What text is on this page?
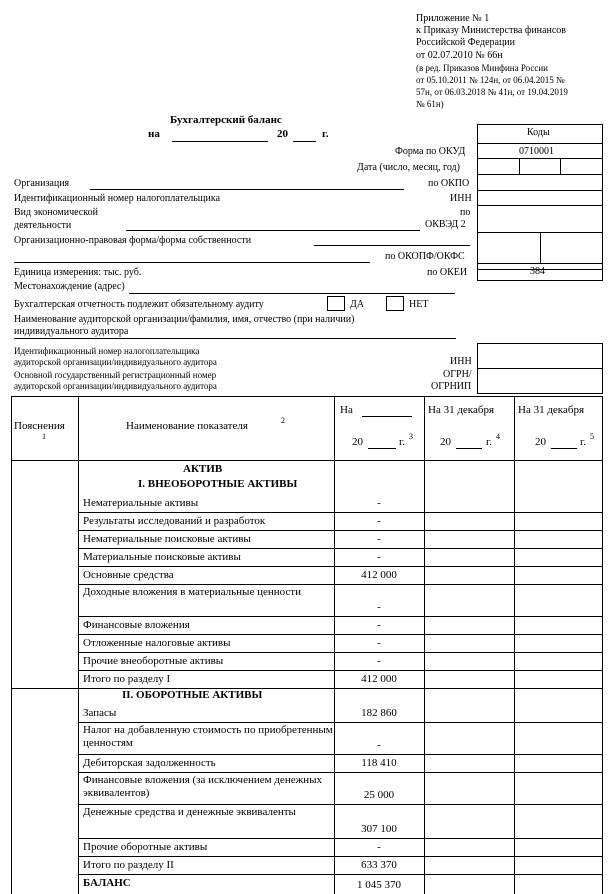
Приложение № 1
к Приказу Министерства финансов
Российской Федерации
от 02.07.2010 № 66н
(в ред. Приказов Минфина России
от 05.10.2011 № 124н, от 06.04.2015 №
57н, от 06.03.2018 № 41н, от 19.04.2019
№ 61н)
Бухгалтерский баланс
на	20	г.	Коды
Форма по ОКУД	0710001
Дата (число, месяц, год)
по ОКПО
ИНН
по
ОКВЭД 2
по ОКОПФ/ОКФС
по ОКЕИ	384
Организация
Идентификационный номер налогоплательщика
Вид экономической
деятельности
Организационно-правовая форма/форма собственности
Единица измерения: тыс. руб.
Местонахождение (адрес)
Бухгалтерская отчетность подлежит обязательному аудиту	ДА	НЕТ
Наименование аудиторской организации/фамилия, имя, отчество (при наличии)
индивидуального аудитора
Идентификационный номер налогоплательщика
аудиторской организации/индивидуального аудитора	ИНН
Основной государственный регистрационный номер
аудиторской организации/индивидуального аудитора
ОГРН/
ОГРНИП
Пояснения
1
Наименование показателя	2
На
20	г. 3
На 31 декабря
20	г. 4
На 31 декабря
20	г. 5
АКТИВ
I. ВНЕОБОРОТНЫЕ АКТИВЫ
Нематериальные активы	-
Результаты исследований и разработок	-
Нематериальные поисковые активы	-
Материальные поисковые активы	-
Основные средства	412 000
Доходные вложения в материальные ценности
-
Финансовые вложения	-
Отложенные налоговые активы	-
Прочие внеоборотные активы	-
Итого по разделу I	412 000
Запасы	182 860
Налог на добавленную стоимость по приобретенным ценностям	-
Дебиторская задолженность	118 410
Финансовые вложения (за исключением денежных эквивалентов)	25 000
Денежные средства и денежные эквиваленты
307 100
Прочие оборотные активы	-
Итого по разделу II	633 370
БАЛАНС	1 045 370
II. ОБОРОТНЫЕ АКТИВЫ
